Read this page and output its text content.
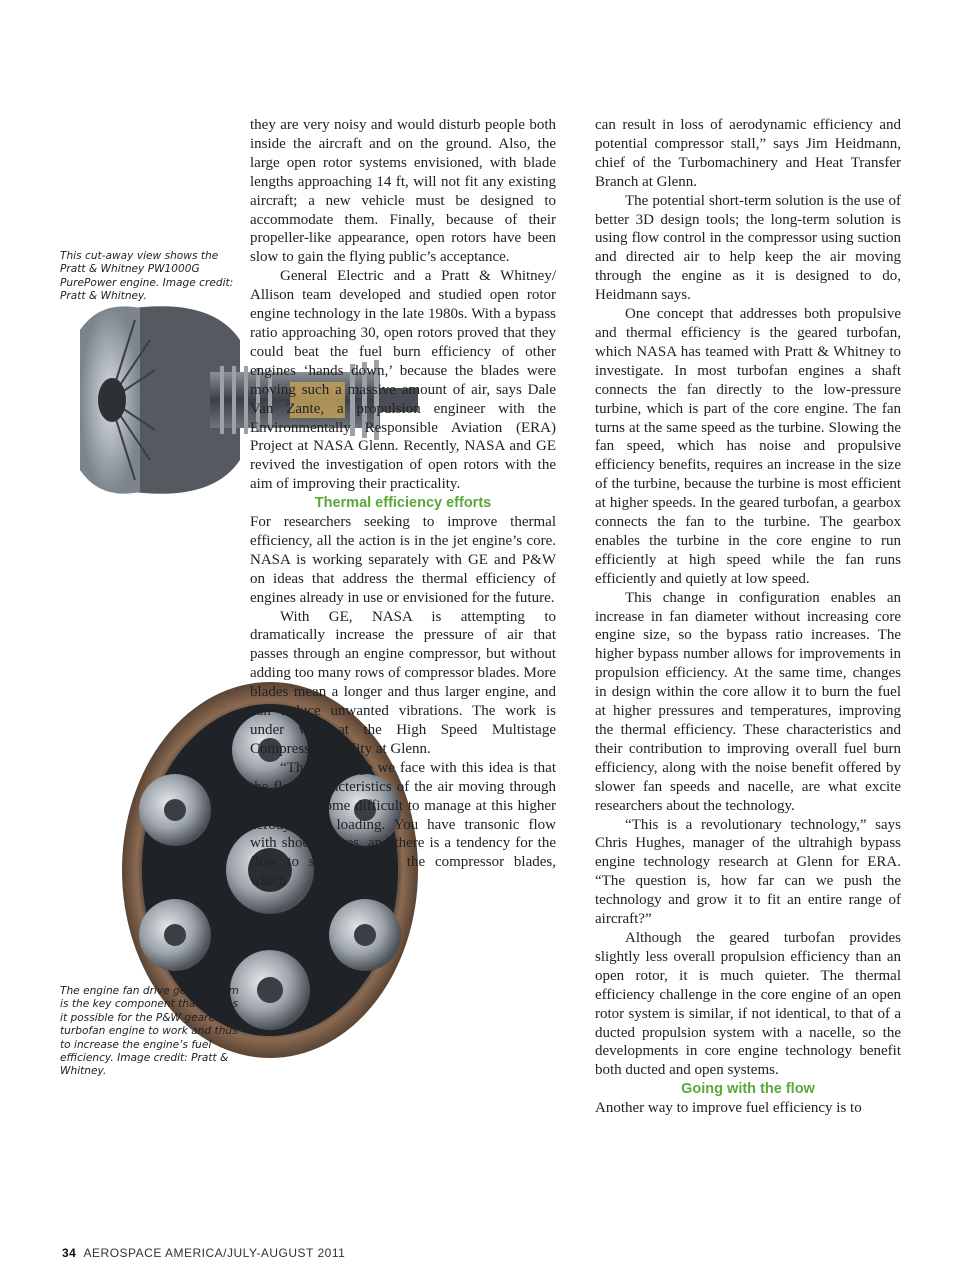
This cut-away view shows the Pratt & Whitney PW1000G PurePower engine. Image credit: Pratt & Whitney.
The engine fan drive gear system is the key component that makes it possible for the P&W geared turbofan engine to work and thus to increase the engine’s fuel efficiency. Image credit: Pratt & Whitney.

they are very noisy and would disturb people both inside the aircraft and on the ground. Also, the large open rotor systems envisioned, with blade lengths approaching 14 ft, will not fit any existing aircraft; a new vehicle must be designed to accommodate them. Finally, because of their propeller-like appearance, open rotors have been slow to gain the flying public’s acceptance.

General Electric and a Pratt & Whitney/ Allison team developed and studied open rotor engine technology in the late 1980s. With a bypass ratio approaching 30, open rotors proved that they could beat the fuel burn efficiency of other engines ‘hands down,’ because the blades were moving such a massive amount of air, says Dale Van Zante, a propulsion engineer with the Environmentally Responsible Aviation (ERA) Project at NASA Glenn. Recently, NASA and GE revived the investigation of open rotors with the aim of improving their practicality.

Thermal efficiency efforts

For researchers seeking to improve thermal efficiency, all the action is in the jet engine’s core. NASA is working separately with GE and P&W on ideas that address the thermal efficiency of engines already in use or envisioned for the future.

With GE, NASA is attempting to dramatically increase the pressure of air that passes through an engine compressor, but without adding too many rows of compressor blades. More blades mean a longer and thus larger engine, and can induce unwanted vibrations. The work is under way at the High Speed Multistage Compressor Facility at Glenn.

“The challenge we face with this idea is that the flow characteristics of the air moving through the core become difficult to manage at this higher aerodynamic loading. You have transonic flow with shock waves, and there is a tendency for the flow to separate from the compressor blades, which

can result in loss of aerodynamic efficiency and potential compressor stall,” says Jim Heidmann, chief of the Turbomachinery and Heat Transfer Branch at Glenn.

The potential short-term solution is the use of better 3D design tools; the long-term solution is using flow control in the compressor using suction and directed air to help keep the air moving through the engine as it is designed to do, Heidmann says.

One concept that addresses both propulsive and thermal efficiency is the geared turbofan, which NASA has teamed with Pratt & Whitney to investigate. In most turbofan engines a shaft connects the fan directly to the low-pressure turbine, which is part of the core engine. The fan turns at the same speed as the turbine. Slowing the fan speed, which has noise and propulsive efficiency benefits, requires an increase in the size of the turbine, because the turbine is most efficient at higher speeds. In the geared turbofan, a gearbox connects the fan to the turbine. The gearbox enables the turbine in the core engine to run efficiently at high speed while the fan runs efficiently and quietly at low speed.

This change in configuration enables an increase in fan diameter without increasing core engine size, so the bypass ratio increases. The higher bypass number allows for improvements in propulsion efficiency. At the same time, changes in design within the core allow it to burn the fuel at higher pressures and temperatures, improving the thermal efficiency. These characteristics and their contribution to improving overall fuel burn efficiency, along with the noise benefit offered by slower fan speeds and nacelle, are what excite researchers about the technology.

“This is a revolutionary technology,” says Chris Hughes, manager of the ultrahigh bypass engine technology research at Glenn for ERA. “The question is, how far can we push the technology and grow it to fit an entire range of aircraft?”

Although the geared turbofan provides slightly less overall propulsion efficiency than an open rotor, it is much quieter. The thermal efficiency challenge in the core engine of an open rotor system is similar, if not identical, to that of a ducted propulsion system with a nacelle, so the developments in core engine technology benefit both ducted and open systems.

Going with the flow

Another way to improve fuel efficiency is to

34 AEROSPACE AMERICA/JULY-AUGUST 2011
